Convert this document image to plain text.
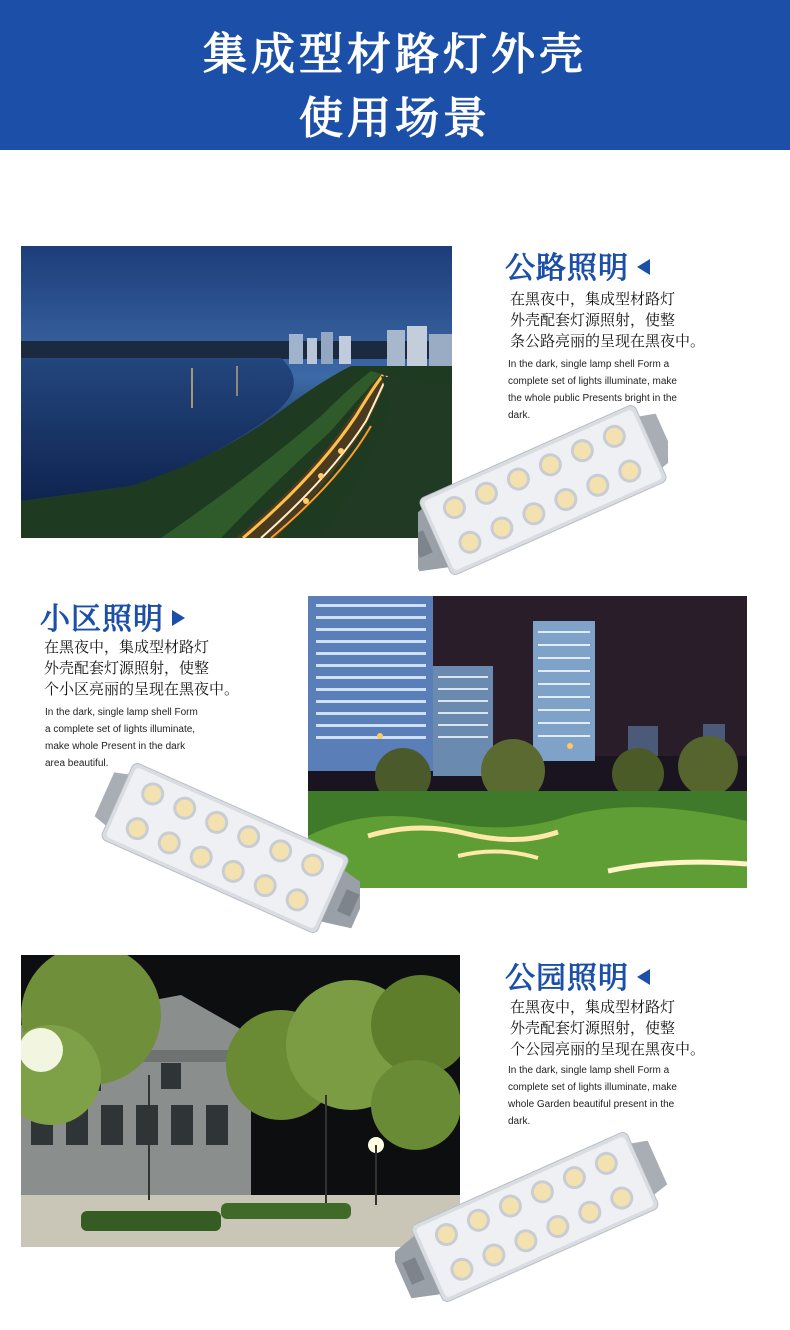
集成型材路灯外壳
使用场景
公路照明
在黑夜中，集成型材路灯
外壳配套灯源照射，使整
条公路亮丽的呈现在黑夜中。
In the dark, single lamp shell Form a
complete set of lights illuminate, make
the whole public Presents bright in the
dark.
小区照明
在黑夜中，集成型材路灯
外壳配套灯源照射，使整
个小区亮丽的呈现在黑夜中。
In the dark, single lamp shell Form
a complete set of lights illuminate,
make whole Present in the dark
area beautiful.
公园照明
在黑夜中，集成型材路灯
外壳配套灯源照射，使整
个公园亮丽的呈现在黑夜中。
In the dark, single lamp shell Form a
complete set of lights illuminate, make
whole Garden beautiful present in the
dark.
